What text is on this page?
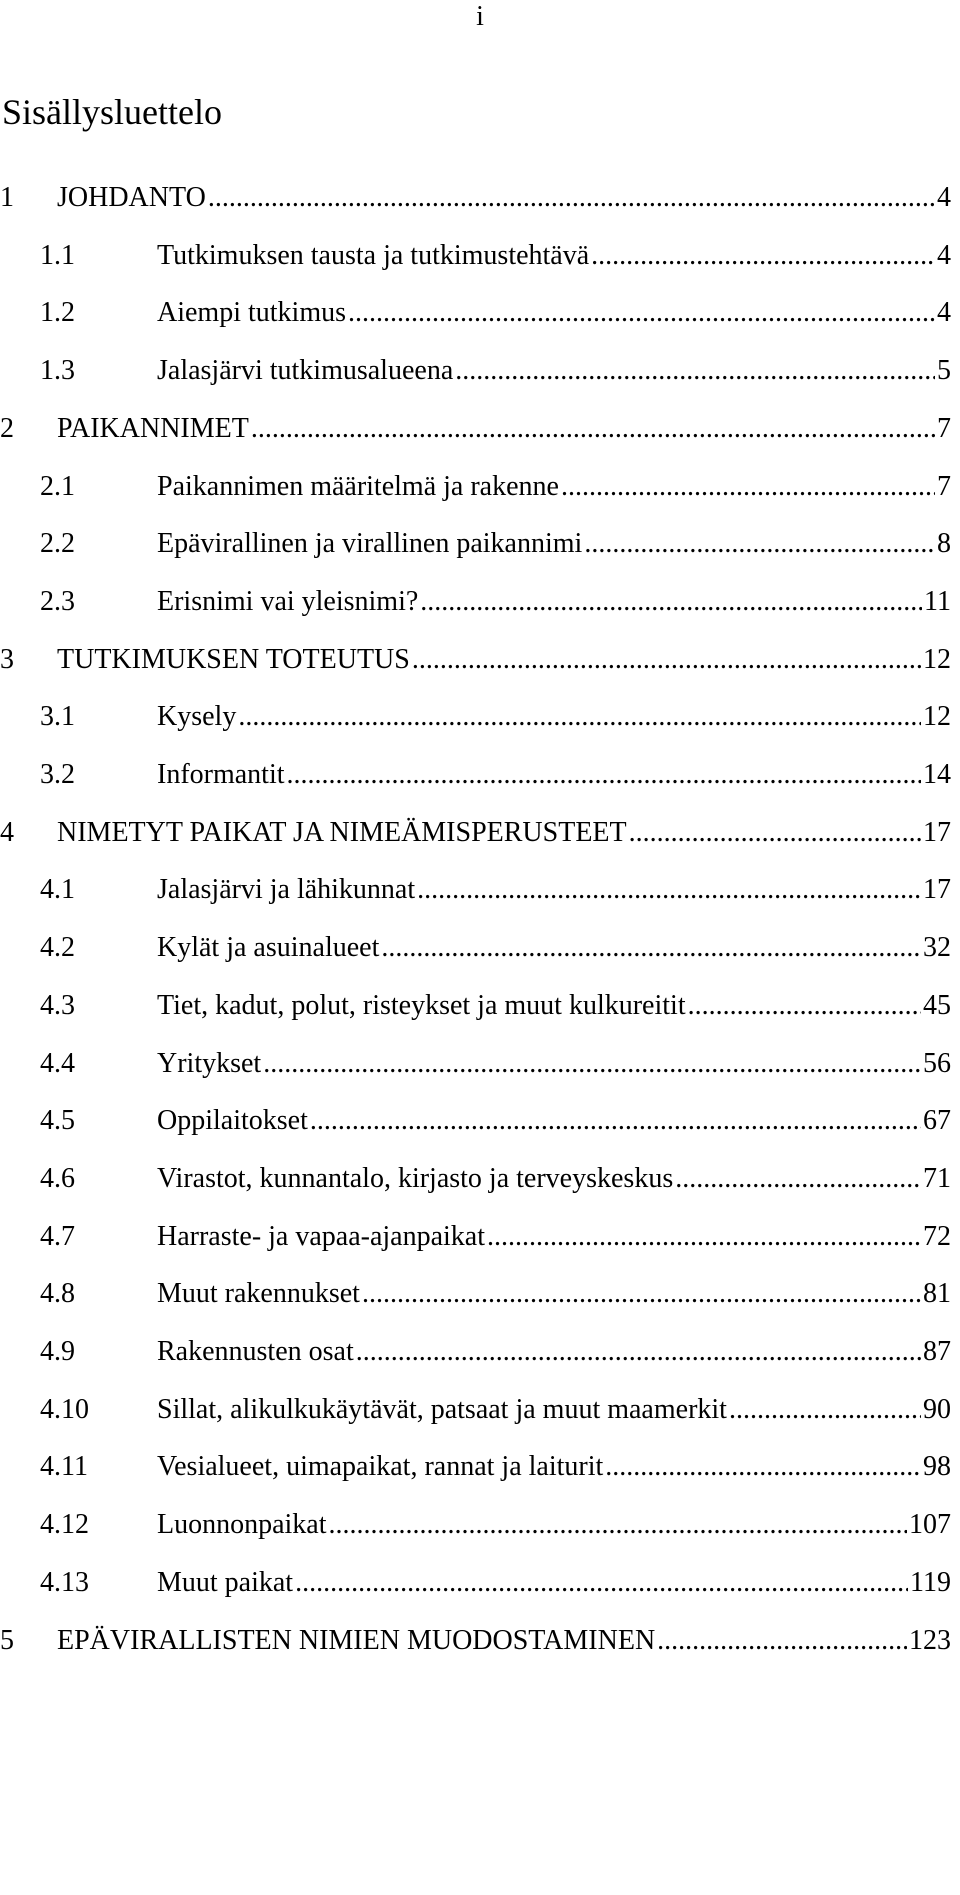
i
Sisällysluettelo
1 JOHDANTO .....	4
1.1	Tutkimuksen tausta ja tutkimustehtävä .....	4
1.2	Aiempi tutkimus .....	4
1.3	Jalasjärvi tutkimusalueena .....	5
2 PAIKANNIMET .....	7
2.1	Paikannimen määritelmä ja rakenne .....	7
2.2	Epävirallinen ja virallinen paikannimi .....	8
2.3	Erisnimi vai yleisnimi? .....	11
3 TUTKIMUKSEN TOTEUTUS .....	12
3.1	Kysely .....	12
3.2	Informantit .....	14
4 NIMETYT PAIKAT JA NIMEÄMISPERUSTEET .....	17
4.1	Jalasjärvi ja lähikunnat .....	17
4.2	Kylät ja asuinalueet .....	32
4.3	Tiet, kadut, polut, risteykset ja muut kulkureitit .....	45
4.4	Yritykset .....	56
4.5	Oppilaitokset .....	67
4.6	Virastot, kunnantalo, kirjasto ja terveyskeskus .....	71
4.7	Harraste- ja vapaa-ajanpaikat .....	72
4.8	Muut rakennukset .....	81
4.9	Rakennusten osat .....	87
4.10 Sillat, alikulkukäytävät, patsaat ja muut maamerkit .....	90
4.11 Vesialueet, uimapaikat, rannat ja laiturit .....	98
4.12 Luonnonpaikat .....	107
4.13 Muut paikat .....	119
5 EPÄVIRALLISTEN NIMIEN MUODOSTAMINEN .....	123
